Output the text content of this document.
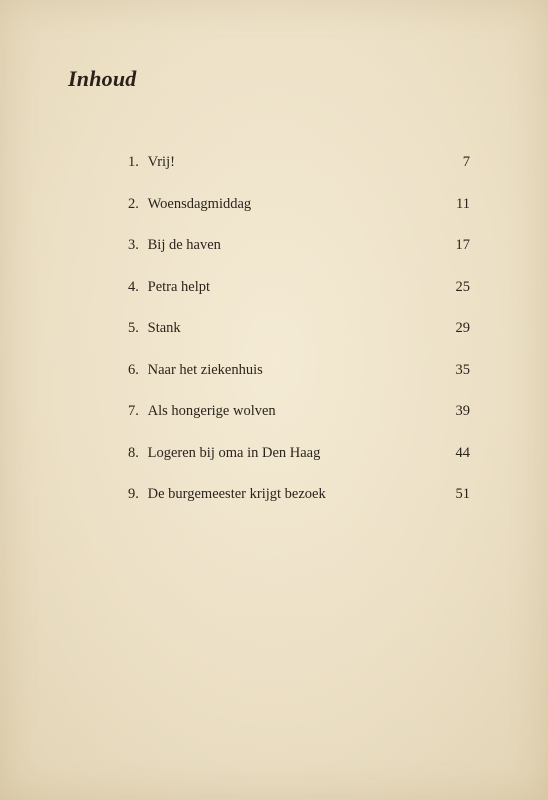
Inhoud
1. Vrij!	7
2. Woensdagmiddag	11
3. Bij de haven	17
4. Petra helpt	25
5. Stank	29
6. Naar het ziekenhuis	35
7. Als hongerige wolven	39
8. Logeren bij oma in Den Haag	44
9. De burgemeester krijgt bezoek	51
